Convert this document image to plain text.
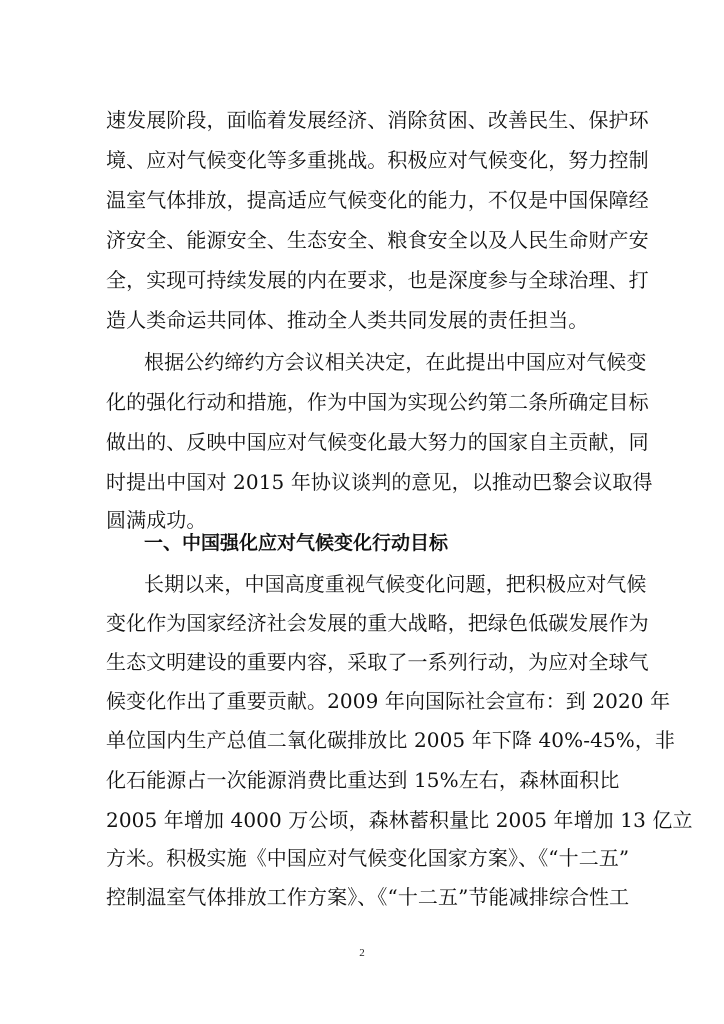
速发展阶段，面临着发展经济、消除贫困、改善民生、保护环
境、应对气候变化等多重挑战。积极应对气候变化，努力控制
温室气体排放，提高适应气候变化的能力，不仅是中国保障经
济安全、能源安全、生态安全、粮食安全以及人民生命财产安
全，实现可持续发展的内在要求，也是深度参与全球治理、打
造人类命运共同体、推动全人类共同发展的责任担当。
根据公约缔约方会议相关决定，在此提出中国应对气候变
化的强化行动和措施，作为中国为实现公约第二条所确定目标
做出的、反映中国应对气候变化最大努力的国家自主贡献，同
时提出中国对 2015 年协议谈判的意见，以推动巴黎会议取得
圆满成功。
一、中国强化应对气候变化行动目标
长期以来，中国高度重视气候变化问题，把积极应对气候
变化作为国家经济社会发展的重大战略，把绿色低碳发展作为
生态文明建设的重要内容，采取了一系列行动，为应对全球气
候变化作出了重要贡献。2009 年向国际社会宣布：到 2020 年
单位国内生产总值二氧化碳排放比 2005 年下降 40%-45%，非
化石能源占一次能源消费比重达到 15%左右，森林面积比
2005 年增加 4000 万公顷，森林蓄积量比 2005 年增加 13 亿立
方米。积极实施《中国应对气候变化国家方案》、《“十二五”
控制温室气体排放工作方案》、《“十二五”节能减排综合性工
2
